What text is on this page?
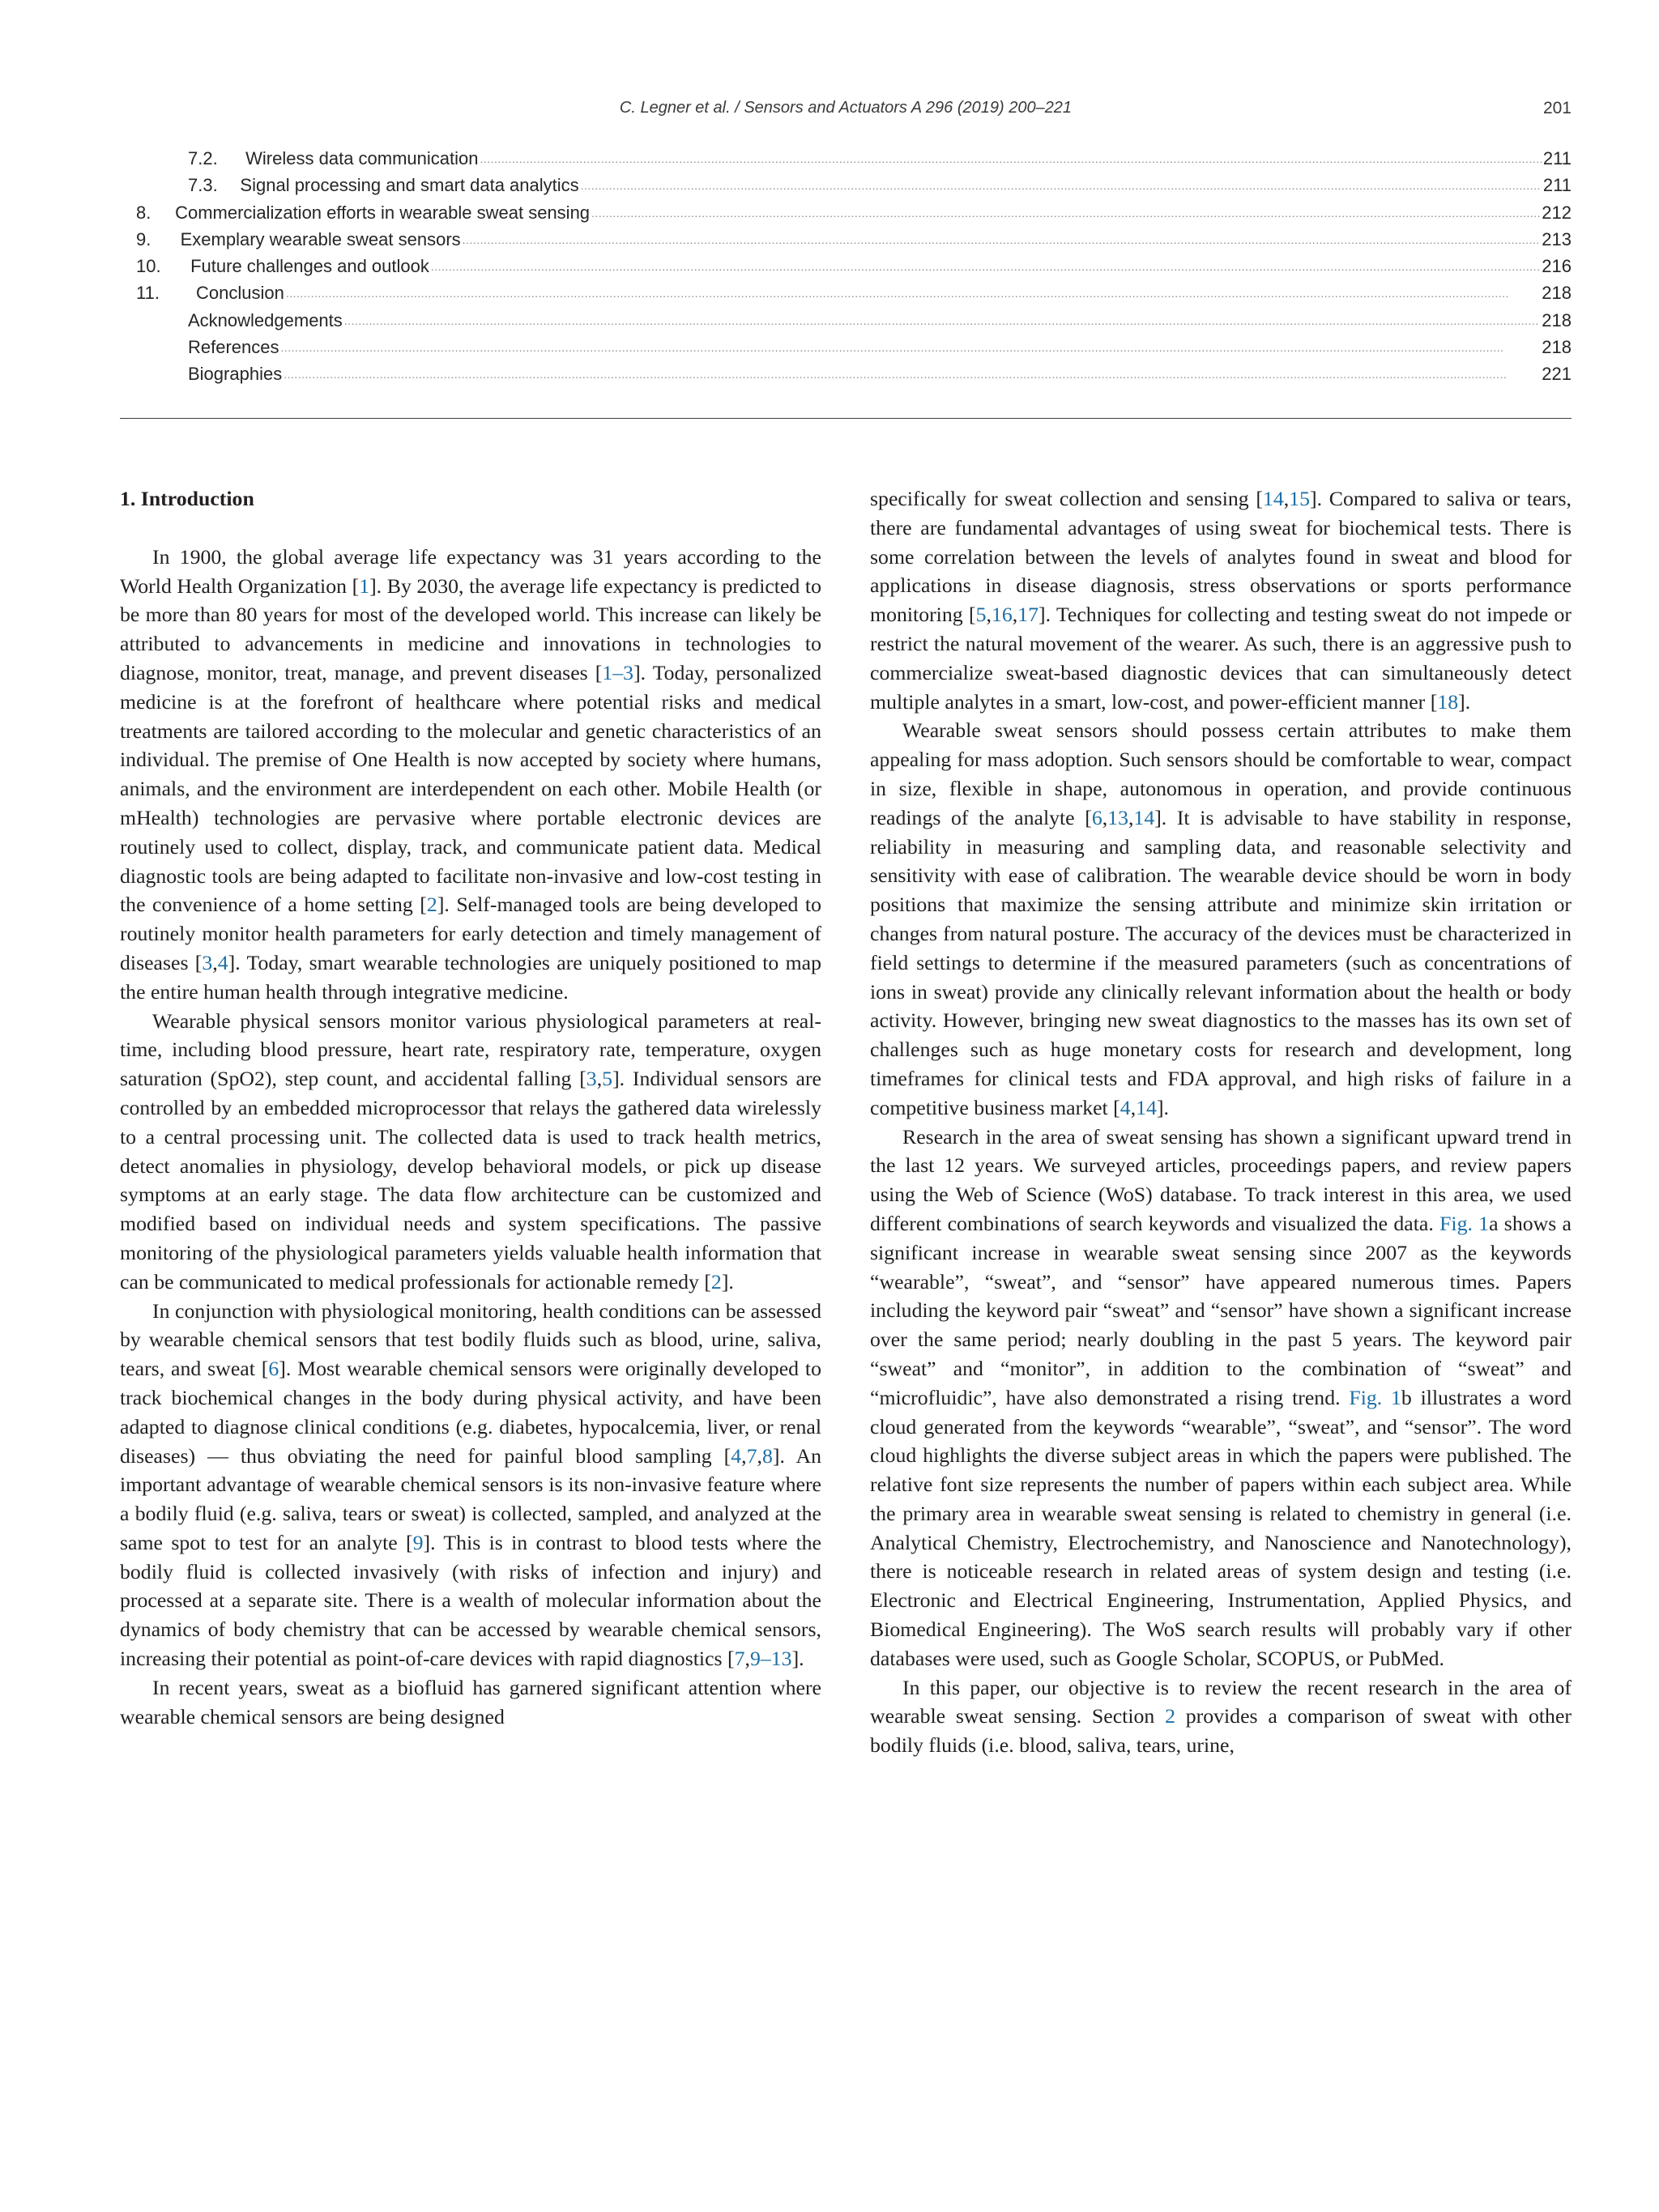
C. Legner et al. / Sensors and Actuators A 296 (2019) 200–221	201
7.2.	Wireless data communication .....	211
7.3.	Signal processing and smart data analytics .....	211
8.	Commercialization efforts in wearable sweat sensing .....	212
9.	Exemplary wearable sweat sensors .....	213
10.	Future challenges and outlook .....	216
11.	Conclusion .....	218
Acknowledgements .....	218
References .....	218
Biographies .....	221
1. Introduction

In 1900, the global average life expectancy was 31 years according to the World Health Organization [1]. By 2030, the average life expectancy is predicted to be more than 80 years for most of the developed world. This increase can likely be attributed to advancements in medicine and innovations in technologies to diagnose, monitor, treat, manage, and prevent diseases [1–3]. Today, personalized medicine is at the forefront of healthcare where potential risks and medical treatments are tailored according to the molecular and genetic characteristics of an individual. The premise of One Health is now accepted by society where humans, animals, and the environment are interdependent on each other. Mobile Health (or mHealth) technologies are pervasive where portable electronic devices are routinely used to collect, display, track, and communicate patient data. Medical diagnostic tools are being adapted to facilitate non-invasive and low-cost testing in the convenience of a home setting [2]. Self-managed tools are being developed to routinely monitor health parameters for early detection and timely management of diseases [3,4]. Today, smart wearable technologies are uniquely positioned to map the entire human health through integrative medicine.

Wearable physical sensors monitor various physiological parameters at real-time, including blood pressure, heart rate, respiratory rate, temperature, oxygen saturation (SpO2), step count, and accidental falling [3,5]. Individual sensors are controlled by an embedded microprocessor that relays the gathered data wirelessly to a central processing unit. The collected data is used to track health metrics, detect anomalies in physiology, develop behavioral models, or pick up disease symptoms at an early stage. The data flow architecture can be customized and modified based on individual needs and system specifications. The passive monitoring of the physiological parameters yields valuable health information that can be communicated to medical professionals for actionable remedy [2].

In conjunction with physiological monitoring, health conditions can be assessed by wearable chemical sensors that test bodily fluids such as blood, urine, saliva, tears, and sweat [6]. Most wearable chemical sensors were originally developed to track biochemical changes in the body during physical activity, and have been adapted to diagnose clinical conditions (e.g. diabetes, hypocalcemia, liver, or renal diseases) — thus obviating the need for painful blood sampling [4,7,8]. An important advantage of wearable chemical sensors is its non-invasive feature where a bodily fluid (e.g. saliva, tears or sweat) is collected, sampled, and analyzed at the same spot to test for an analyte [9]. This is in contrast to blood tests where the bodily fluid is collected invasively (with risks of infection and injury) and processed at a separate site. There is a wealth of molecular information about the dynamics of body chemistry that can be accessed by wearable chemical sensors, increasing their potential as point-of-care devices with rapid diagnostics [7,9–13].

In recent years, sweat as a biofluid has garnered significant attention where wearable chemical sensors are being designed

specifically for sweat collection and sensing [14,15]. Compared to saliva or tears, there are fundamental advantages of using sweat for biochemical tests. There is some correlation between the levels of analytes found in sweat and blood for applications in disease diagnosis, stress observations or sports performance monitoring [5,16,17]. Techniques for collecting and testing sweat do not impede or restrict the natural movement of the wearer. As such, there is an aggressive push to commercialize sweat-based diagnostic devices that can simultaneously detect multiple analytes in a smart, low-cost, and power-efficient manner [18].

Wearable sweat sensors should possess certain attributes to make them appealing for mass adoption. Such sensors should be comfortable to wear, compact in size, flexible in shape, autonomous in operation, and provide continuous readings of the analyte [6,13,14]. It is advisable to have stability in response, reliability in measuring and sampling data, and reasonable selectivity and sensitivity with ease of calibration. The wearable device should be worn in body positions that maximize the sensing attribute and minimize skin irritation or changes from natural posture. The accuracy of the devices must be characterized in field settings to determine if the measured parameters (such as concentrations of ions in sweat) provide any clinically relevant information about the health or body activity. However, bringing new sweat diagnostics to the masses has its own set of challenges such as huge monetary costs for research and development, long timeframes for clinical tests and FDA approval, and high risks of failure in a competitive business market [4,14].

Research in the area of sweat sensing has shown a significant upward trend in the last 12 years. We surveyed articles, proceedings papers, and review papers using the Web of Science (WoS) database. To track interest in this area, we used different combinations of search keywords and visualized the data. Fig. 1a shows a significant increase in wearable sweat sensing since 2007 as the keywords “wearable”, “sweat”, and “sensor” have appeared numerous times. Papers including the keyword pair “sweat” and “sensor” have shown a significant increase over the same period; nearly doubling in the past 5 years. The keyword pair “sweat” and “monitor”, in addition to the combination of “sweat” and “microfluidic”, have also demonstrated a rising trend. Fig. 1b illustrates a word cloud generated from the keywords “wearable”, “sweat”, and “sensor”. The word cloud highlights the diverse subject areas in which the papers were published. The relative font size represents the number of papers within each subject area. While the primary area in wearable sweat sensing is related to chemistry in general (i.e. Analytical Chemistry, Electrochemistry, and Nanoscience and Nanotechnology), there is noticeable research in related areas of system design and testing (i.e. Electronic and Electrical Engineering, Instrumentation, Applied Physics, and Biomedical Engineering). The WoS search results will probably vary if other databases were used, such as Google Scholar, SCOPUS, or PubMed.

In this paper, our objective is to review the recent research in the area of wearable sweat sensing. Section 2 provides a comparison of sweat with other bodily fluids (i.e. blood, saliva, tears, urine,
